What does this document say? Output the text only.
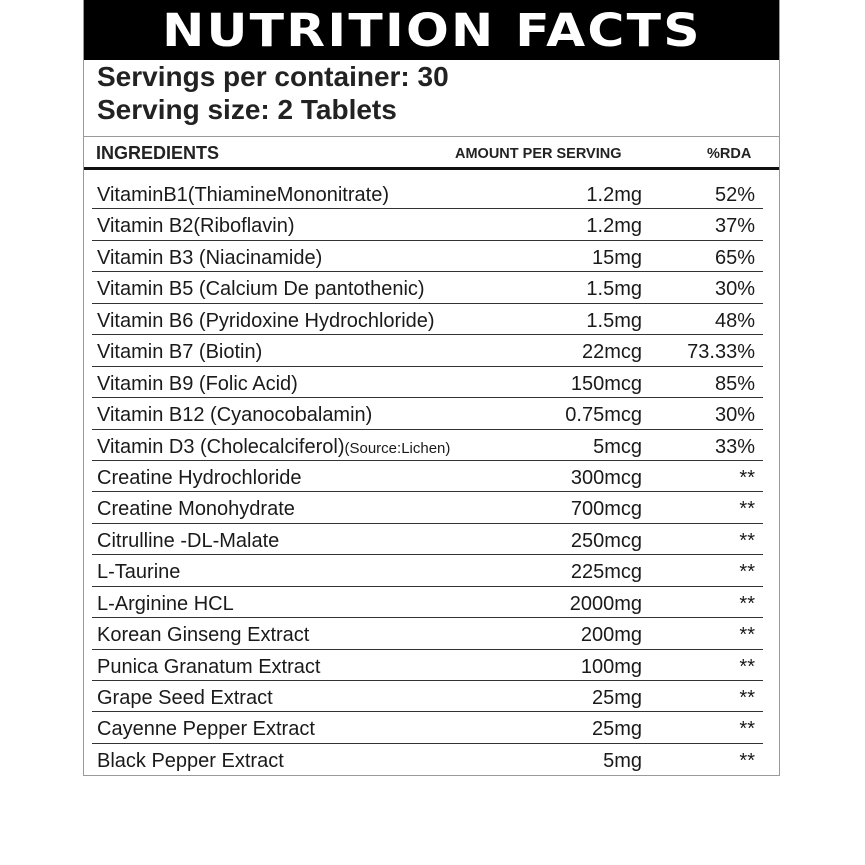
NUTRITION FACTS
Servings per container: 30
Serving size: 2 Tablets
INGREDIENTS	AMOUNT PER SERVING	%RDA
VitaminB1(ThiamineMononitrate)	1.2mg	52%
Vitamin B2(Riboflavin)	1.2mg	37%
Vitamin B3 (Niacinamide)	15mg	65%
Vitamin B5 (Calcium De pantothenic)	1.5mg	30%
Vitamin B6 (Pyridoxine Hydrochloride)	1.5mg	48%
Vitamin B7 (Biotin)	22mcg 73.33%
Vitamin B9 (Folic Acid)	150mcg	85%
Vitamin B12 (Cyanocobalamin)	0.75mcg	30%
Vitamin D3 (Cholecalciferol)(Source:Lichen)	5mcg	33%
Creatine Hydrochloride	300mcg	**
Creatine Monohydrate	700mcg	**
Citrulline -DL-Malate	250mcg	**
L-Taurine	225mcg	**
L-Arginine HCL	2000mg	**
Korean Ginseng Extract	200mg	**
Punica Granatum Extract	100mg	**
Grape Seed Extract	25mg	**
Cayenne Pepper Extract	25mg	**
Black Pepper Extract	5mg	**
